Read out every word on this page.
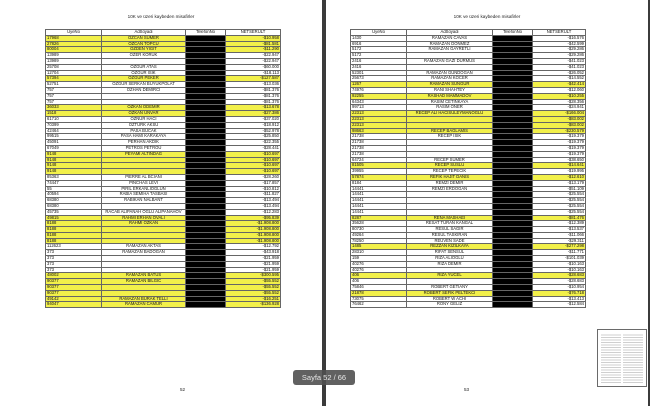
10K ve üzeri kaybeden misafirler
UyeNo	AdSoyadi	TelefonNo	NETSERULT
17968	OZCAN SUMER		-$10.958
27826	OZCAN TOPCU		-$81.581
80004	OZDEN YIGIT		-$11.290
13989	OZER KORUK		-$22.947
13989			-$22.947
25708	OZGUR ATAS		-$60.000
12704	OZGUR ISIK		-$18.113
57394	OZGUR PEKER		-$127.587
52751	OZGUR SERKAN BUYUKPOLAT		-$13.036
757	OZHAN DEMIRCI		-$81.376
757			-$81.376
757			-$81.376
36033	OZKAN ODEMIR		-$13.678
1518	OZKAN UNVAR		-$27.386
61710	OZNUR HACI		-$37.020
70399	OZTURK AKSU		-$18.912
42464	PASA BUCAK		-$52.978
99515	PASA HAMI KARAKAYA		-$25.850
45091	PERHAN AKDIK		-$22.355
67049	PETROS PETROU		-$28.441
9148	PEYAMI ALTINDAG		-$10.697
9148			-$10.697
9148			-$10.697
9148			-$10.697
85363	PIERRE AL BCIANI		-$28.260
74447	PINCHAS LEVI		-$17.857
55	PIRIL ERKANLIOGLUN		-$10.812
40594	RABIA SEMIHA TASBASI		-$11.827
68380	RABIKAN NALBANT		-$13.494
68380			-$13.494
45735	RACAB ALIPANAH OGLU ALIPANAHOV		-$12.283
49815	RAHMI ERHAN OVALI		-$95.839
8188	RAHMI OZKAN		-$1.908.800
8188			-$1.908.800
8188			-$1.908.800
8188			-$1.908.800
112623	RAMAZAN AKTAS		-$12.792
373	RAMAZAN BADOGAN		-$43.918
373			-$21.959
373			-$21.959
373			-$21.959
48002	RAMAZAN BATUS		-$300.595
90377	RAMAZAN BILGIC		-$55.552
90377			-$55.552
90377			-$55.552
49142	RAMAZAN BURAK TELLI		-$16.251
94047	RAMAZAN CAMUR		-$136.928
52
10K ve üzeri kaybeden misafirler
UyeNo	AdSoyadi	TelefonNo	NETSERULT
1430	RAMAZAN CAVAS		-$16.576
6916	RAMAZAN DONMEZ		-$42.599
5172	RAMAZAN GAYRETLI		-$29.286
5172			-$29.286
2416	RAMAZAN GAZI DURMUS		-$41.023
2416			-$41.023
52301	RAMAZAN GUNDOGAN		-$26.052
25673	RAMAZAN KOCER		-$14.552
1267	RAMAZAN SUNGUR		-$42.414
74976	RANI SHAHTEY		-$12.060
92255	RASHAD MAMMADOV		-$10.255
64343	RASIM CETINKAYA		-$28.356
99713	RASIM ONER		-$24.941
22313	RECEP ALI HACISULEYMANOGLU		-$166.004
22313			-$83.002
22313			-$83.002
98663	RECEP BAGLAMIS		-$230.579
21738	RECEP ISIK		-$19.379
21738			-$19.379
21738			-$19.379
21738			-$19.379
64724	RECEP SUMER		-$38.650
81505	RECEP SUSLU		-$14.641
39955	RECEP TEPECIK		-$19.995
57874	REFIK HAJIT DANIS		-$12.610
8184	REMZI DEMIR		-$13.179
14441	REMZI ERDOGAN		-$51.109
14441			-$25.554
14441			-$25.554
14441			-$25.554
14441			-$25.554
8287	RENA MASHAEI		-$81.476
35628	RESAT TURAN KANGAL		-$12.389
80730	RESUL SAGIR		-$13.537
49264	RESUL TASKIRAN		-$11.066
78250	REUVEN SADE		-$29.311
1485	REZZAN KIZILKAYA		-$277.298
28310	RIFAT SENSUL		-$11.771
159	RIZA ALIOGLU		-$101.039
40276	RIZA DEMIR		-$10.163
40276			-$10.163
406	RIZA YUCEL		-$28.683
406			-$28.683
75846	ROBERT GETIANY		-$10.954
21878	ROBERT SEFIK PELTEKCI		-$76.718
73075	ROBERT W ACHI		-$13.413
76462	RONY GELIZ		-$12.584
53
Sayfa 52 / 66
